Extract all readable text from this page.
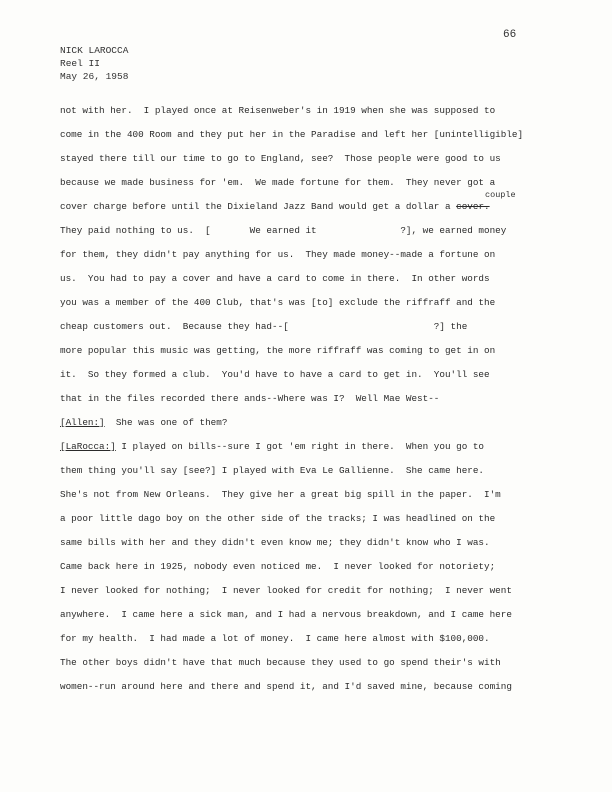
66
NICK LAROCCA
Reel II
May 26, 1958
not with her.  I played once at Reisenweber's in 1919 when she was supposed to
come in the 400 Room and they put her in the Paradise and left her [unintelligible]
stayed there till our time to go to England, see?  Those people were good to us
because we made business for 'em.  We made fortune for them.  They never got a
cover charge before until the Dixieland Jazz Band would get a dollar a cover.
couple
They paid nothing to us.  [       We earned it               ?], we earned money
for them, they didn't pay anything for us.  They made money--made a fortune on
us.  You had to pay a cover and have a card to come in there.  In other words
you was a member of the 400 Club, that's was [to] exclude the riffraff and the
cheap customers out.  Because they had--[                          ?] the
more popular this music was getting, the more riffraff was coming to get in on
it.  So they formed a club.  You'd have to have a card to get in.  You'll see
that in the files recorded there ands--Where was I?  Well Mae West--
[Allen:] She was one of them?
[LaRocca:] I played on bills--sure I got 'em right in there.  When you go to
them thing you'll say [see?] I played with Eva Le Gallienne.  She came here.
She's not from New Orleans.  They give her a great big spill in the paper.  I'm
a poor little dago boy on the other side of the tracks; I was headlined on the
same bills with her and they didn't even know me; they didn't know who I was.
Came back here in 1925, nobody even noticed me.  I never looked for notoriety;
I never looked for nothing;  I never looked for credit for nothing;  I never went
anywhere.  I came here a sick man, and I had a nervous breakdown, and I came here
for my health.  I had made a lot of money.  I came here almost with $100,000.
The other boys didn't have that much because they used to go spend their's with
women--run around here and there and spend it, and I'd saved mine, because coming
